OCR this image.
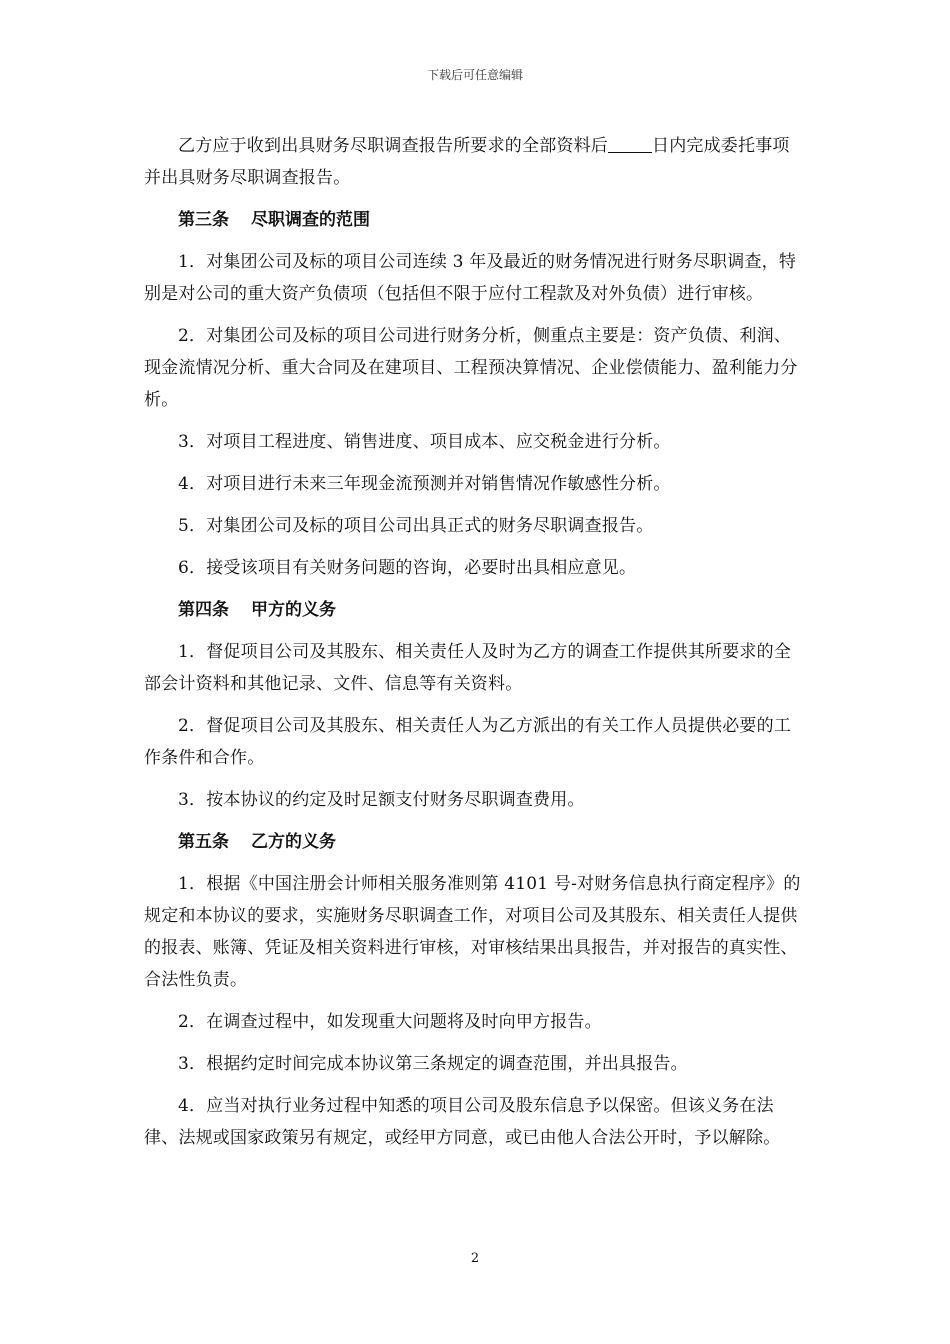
下载后可任意编辑

乙方应于收到出具财务尽职调查报告所要求的全部资料后	日内完成委托事项并出具财务尽职调查报告。

第三条 尽职调查的范围

1．对集团公司及标的项目公司连续 3 年及最近的财务情况进行财务尽职调查，特别是对公司的重大资产负债项（包括但不限于应付工程款及对外负债）进行审核。

2．对集团公司及标的项目公司进行财务分析，侧重点主要是：资产负债、利润、现金流情况分析、重大合同及在建项目、工程预决算情况、企业偿债能力、盈利能力分析。

3．对项目工程进度、销售进度、项目成本、应交税金进行分析。

4．对项目进行未来三年现金流预测并对销售情况作敏感性分析。

5．对集团公司及标的项目公司出具正式的财务尽职调查报告。

6．接受该项目有关财务问题的咨询，必要时出具相应意见。

第四条 甲方的义务

1．督促项目公司及其股东、相关责任人及时为乙方的调查工作提供其所要求的全部会计资料和其他记录、文件、信息等有关资料。

2．督促项目公司及其股东、相关责任人为乙方派出的有关工作人员提供必要的工作条件和合作。

3．按本协议的约定及时足额支付财务尽职调查费用。

第五条 乙方的义务

1．根据《中国注册会计师相关服务准则第 4101 号-对财务信息执行商定程序》的规定和本协议的要求，实施财务尽职调查工作，对项目公司及其股东、相关责任人提供的报表、账簿、凭证及相关资料进行审核，对审核结果出具报告，并对报告的真实性、合法性负责。

2．在调查过程中，如发现重大问题将及时向甲方报告。

3．根据约定时间完成本协议第三条规定的调查范围，并出具报告。

4．应当对执行业务过程中知悉的项目公司及股东信息予以保密。但该义务在法律、法规或国家政策另有规定，或经甲方同意，或已由他人合法公开时，予以解除。

2
